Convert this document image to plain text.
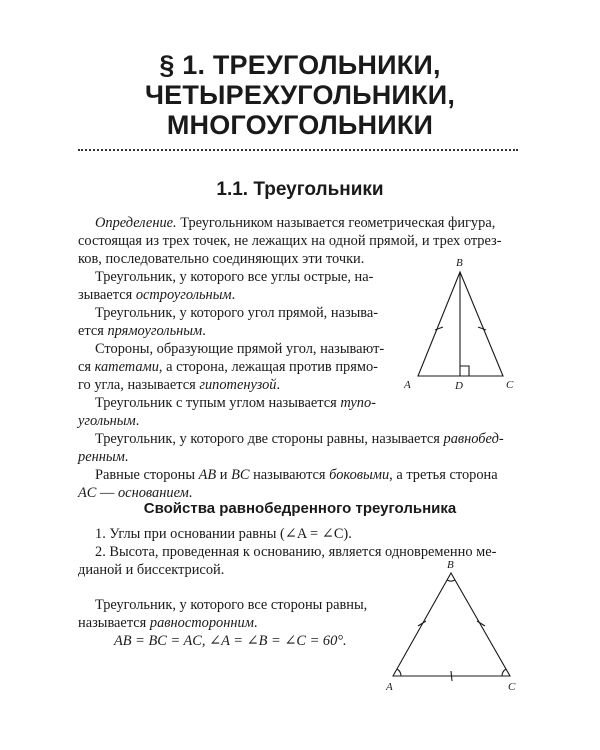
§ 1. ТРЕУГОЛЬНИКИ,
ЧЕТЫРЕХУГОЛЬНИКИ,
МНОГОУГОЛЬНИКИ
1.1. Треугольники
Определение. Треугольником называется геометрическая фигура,
состоящая из трех точек, не лежащих на одной прямой, и трех отрез-
ков, последовательно соединяющих эти точки.
Треугольник, у которого все углы острые, на-
зывается остроугольным.
Треугольник, у которого угол прямой, называ-
ется прямоугольным.
Стороны, образующие прямой угол, называют-
ся катетами, а сторона, лежащая против прямо-
го угла, называется гипотенузой.
Треугольник с тупым углом называется тупо-
угольным.
Треугольник, у которого две стороны равны, называется равнобед-
ренным.
Равные стороны AB и BC называются боковыми, а третья сторона
AC — основанием.
Свойства равнобедренного треугольника
1. Углы при основании равны (∠A = ∠C).
2. Высота, проведенная к основанию, является одновременно ме-
дианой и биссектрисой.
Треугольник, у которого все стороны равны,
называется равносторонним.
AB = BC = AC, ∠A = ∠B = ∠C = 60°.
B
A	D	C
B
A	C
